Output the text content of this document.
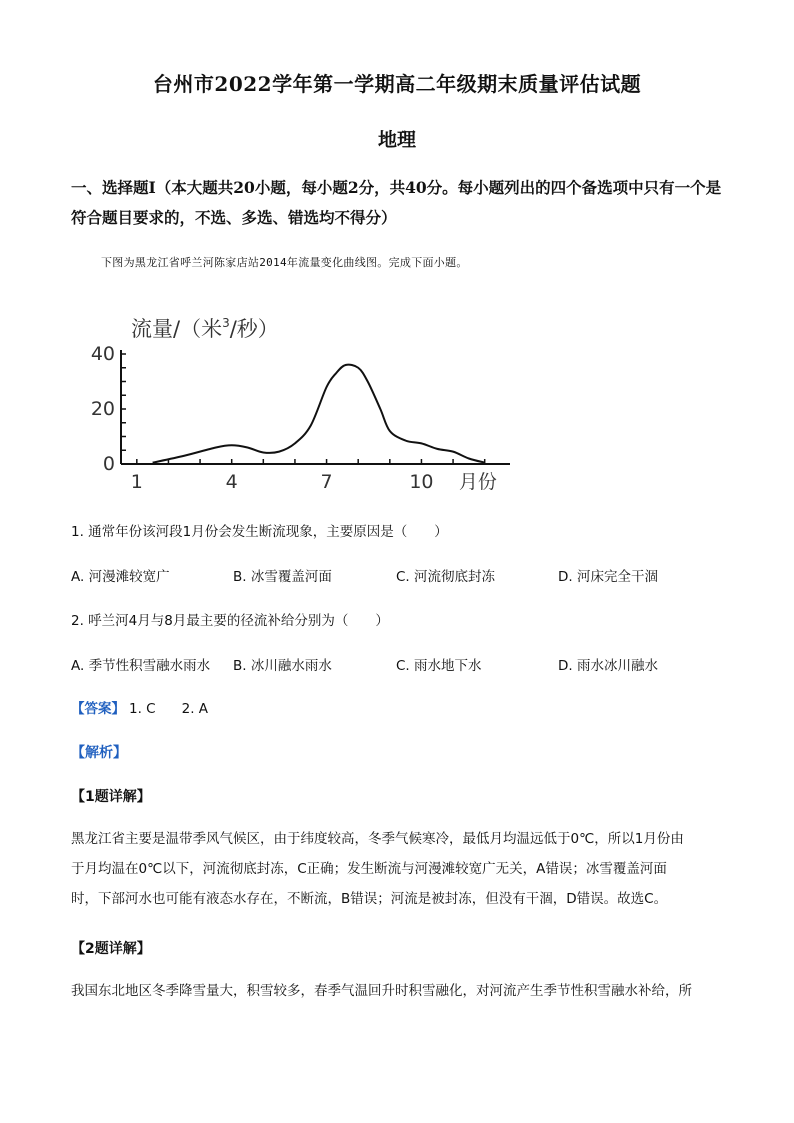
台州市2022学年第一学期高二年级期末质量评估试题
地理
一、选择题Ⅰ（本大题共20小题，每小题2分，共40分。每小题列出的四个备选项中只有一个是符合题目要求的，不选、多选、错选均不得分）
下图为黑龙江省呼兰河陈家店站2014年流量变化曲线图。完成下面小题。
流量/（米$^3$/秒）
0
20
40
1	4	7	10 月份
1. 通常年份该河段1月份会发生断流现象，主要原因是（　　）
A. 河漫滩较宽广	B. 冰雪覆盖河面	C. 河流彻底封冻	D. 河床完全干涸
2. 呼兰河4月与8月最主要的径流补给分别为（　　）
A. 季节性积雪融水雨水 B. 冰川融水雨水	C. 雨水地下水	D. 雨水冰川融水
【答案】 1. C 2. A
【解析】
【1题详解】
黑龙江省主要是温带季风气候区，由于纬度较高，冬季气候寒冷，最低月均温远低于0℃，所以1月份由
于月均温在0℃以下，河流彻底封冻，C正确；发生断流与河漫滩较宽广无关，A错误；冰雪覆盖河面
时，下部河水也可能有液态水存在，不断流，B错误；河流是被封冻，但没有干涸，D错误。故选C。
【2题详解】
我国东北地区冬季降雪量大，积雪较多，春季气温回升时积雪融化，对河流产生季节性积雪融水补给，所
